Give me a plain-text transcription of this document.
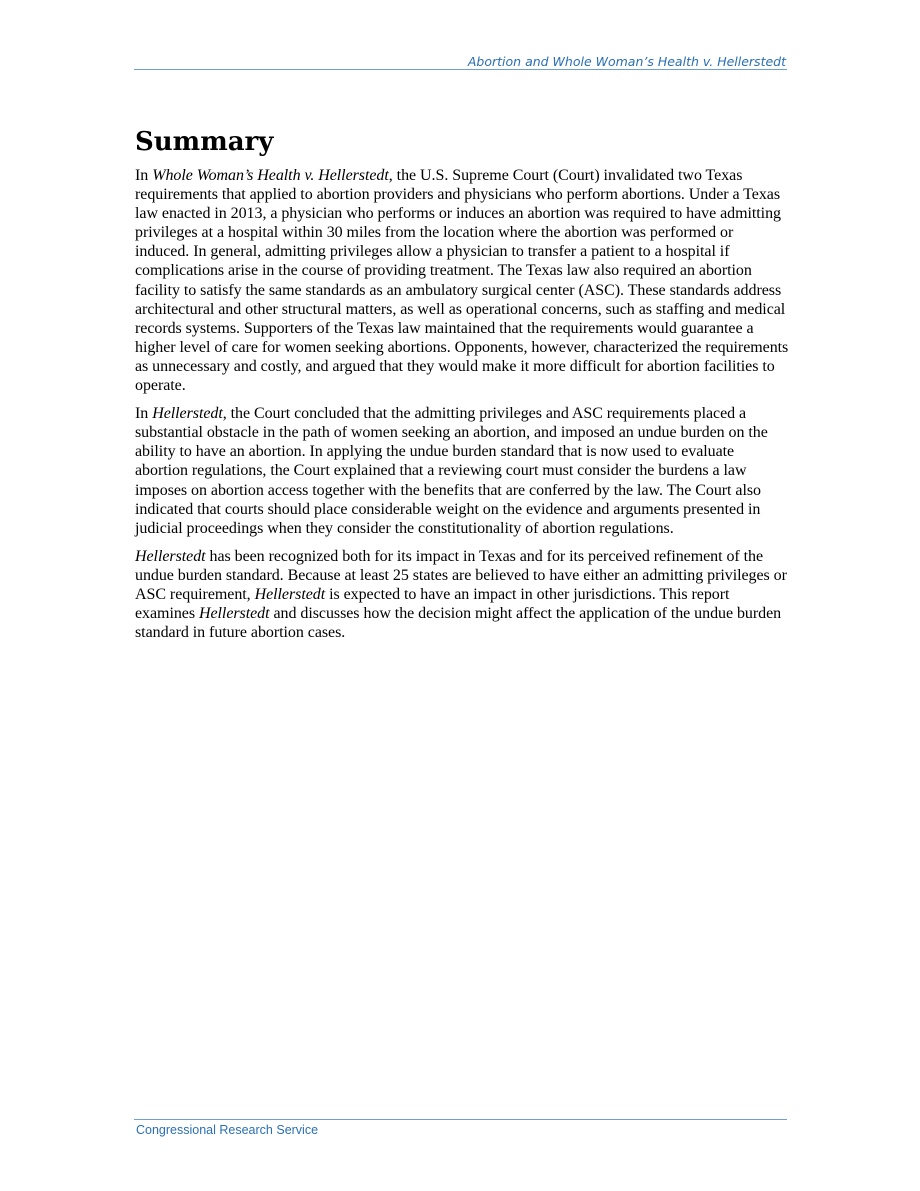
Abortion and Whole Woman’s Health v. Hellerstedt
Summary

In Whole Woman’s Health v. Hellerstedt, the U.S. Supreme Court (Court) invalidated two Texas requirements that applied to abortion providers and physicians who perform abortions. Under a Texas law enacted in 2013, a physician who performs or induces an abortion was required to have admitting privileges at a hospital within 30 miles from the location where the abortion was performed or induced. In general, admitting privileges allow a physician to transfer a patient to a hospital if complications arise in the course of providing treatment. The Texas law also required an abortion facility to satisfy the same standards as an ambulatory surgical center (ASC). These standards address architectural and other structural matters, as well as operational concerns, such as staffing and medical records systems. Supporters of the Texas law maintained that the requirements would guarantee a higher level of care for women seeking abortions. Opponents, however, characterized the requirements as unnecessary and costly, and argued that they would make it more difficult for abortion facilities to operate.

In Hellerstedt, the Court concluded that the admitting privileges and ASC requirements placed a substantial obstacle in the path of women seeking an abortion, and imposed an undue burden on the ability to have an abortion. In applying the undue burden standard that is now used to evaluate abortion regulations, the Court explained that a reviewing court must consider the burdens a law imposes on abortion access together with the benefits that are conferred by the law. The Court also indicated that courts should place considerable weight on the evidence and arguments presented in judicial proceedings when they consider the constitutionality of abortion regulations.

Hellerstedt has been recognized both for its impact in Texas and for its perceived refinement of the undue burden standard. Because at least 25 states are believed to have either an admitting privileges or ASC requirement, Hellerstedt is expected to have an impact in other jurisdictions. This report examines Hellerstedt and discusses how the decision might affect the application of the undue burden standard in future abortion cases.

Congressional Research Service
